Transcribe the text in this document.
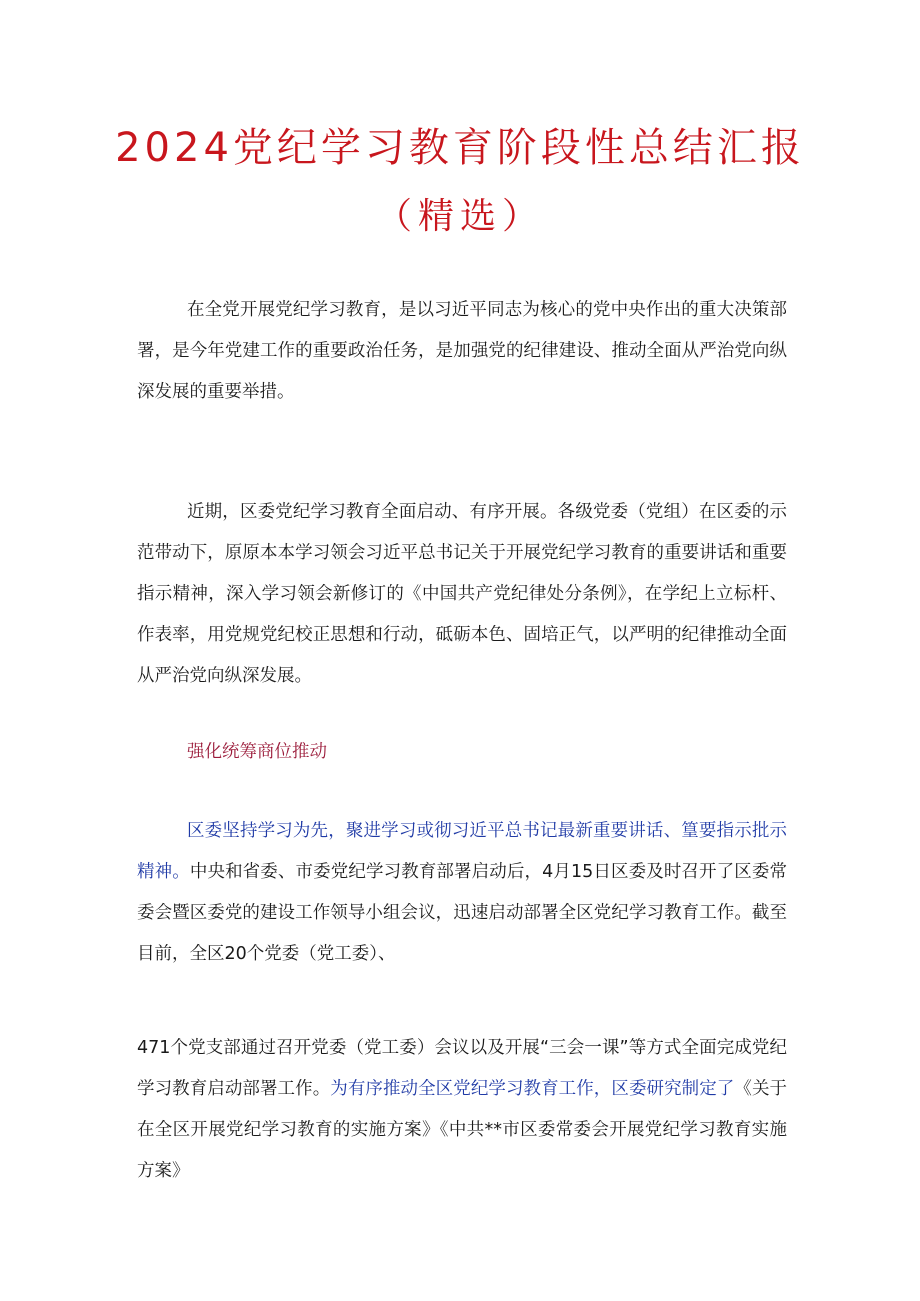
2024党纪学习教育阶段性总结汇报
（精选）

在全党开展党纪学习教育，是以习近平同志为核心的党中央作出的重大决策部署，是今年党建工作的重要政治任务，是加强党的纪律建设、推动全面从严治党向纵深发展的重要举措。

近期，区委党纪学习教育全面启动、有序开展。各级党委（党组）在区委的示范带动下，原原本本学习领会习近平总书记关于开展党纪学习教育的重要讲话和重要指示精神，深入学习领会新修订的《中国共产党纪律处分条例》，在学纪上立标杆、作表率，用党规党纪校正思想和行动，砥砺本色、固培正气，以严明的纪律推动全面从严治党向纵深发展。

强化统筹商位推动

区委坚持学习为先，聚进学习或彻习近平总书记最新重要讲话、篁要指示批示精神。中央和省委、市委党纪学习教育部署启动后，4月15日区委及时召开了区委常委会暨区委党的建设工作领导小组会议，迅速启动部署全区党纪学习教育工作。截至目前，全区20个党委（党工委）、

471个党支部通过召开党委（党工委）会议以及开展“三会一课”等方式全面完成党纪学习教育启动部署工作。为有序推动全区党纪学习教育工作，区委研究制定了《关于在全区开展党纪学习教育的实施方案》《中共**市区委常委会开展党纪学习教育实施方案》
